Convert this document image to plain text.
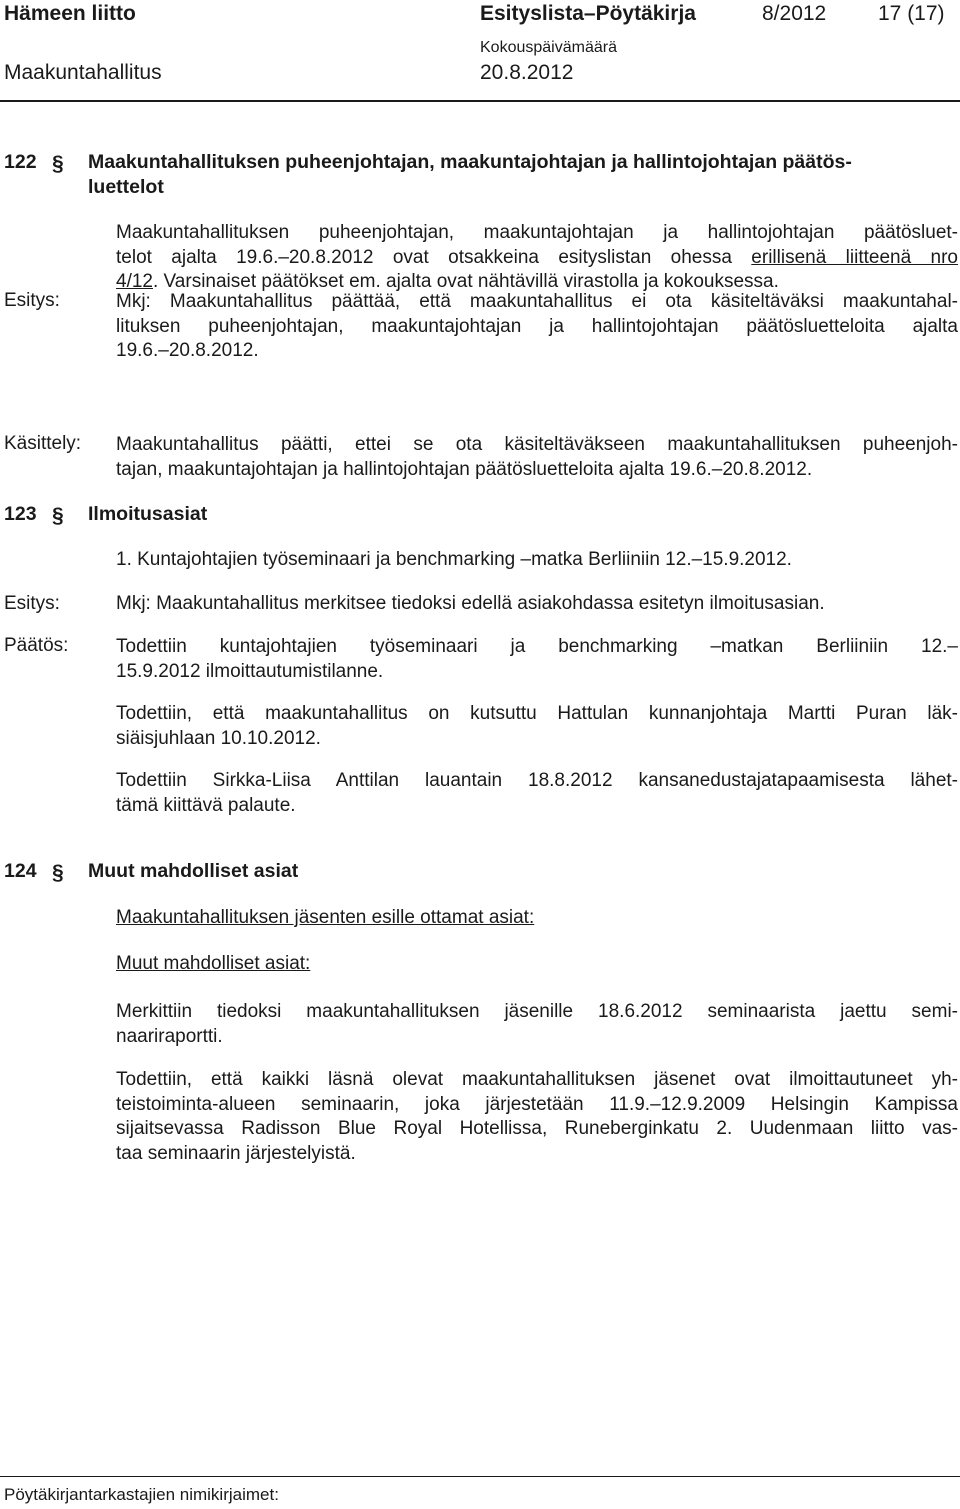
Hämeen liitto	Esityslista–Pöytäkirja	8/2012 17 (17)
Kokouspäivämäärä
Maakuntahallitus	20.8.2012
122 § Maakuntahallituksen puheenjohtajan, maakuntajohtajan ja hallintojohtajan päätös-
luettelot
Maakuntahallituksen puheenjohtajan, maakuntajohtajan ja hallintojohtajan päätösluet-
telot ajalta 19.6.–20.8.2012 ovat otsakkeina esityslistan ohessa erillisenä liitteenä nro
4/12. Varsinaiset päätökset em. ajalta ovat nähtävillä virastolla ja kokouksessa.
Esitys:	Mkj: Maakuntahallitus päättää, että maakuntahallitus ei ota käsiteltäväksi maakuntahal-
lituksen puheenjohtajan, maakuntajohtajan ja hallintojohtajan päätösluetteloita ajalta
19.6.–20.8.2012.
Käsittely: Maakuntahallitus päätti, ettei se ota käsiteltäväkseen maakuntahallituksen puheenjoh-
tajan, maakuntajohtajan ja hallintojohtajan päätösluetteloita ajalta 19.6.–20.8.2012.
123 § Ilmoitusasiat
1. Kuntajohtajien työseminaari ja benchmarking –matka Berliiniin 12.–15.9.2012.
Esitys:	Mkj: Maakuntahallitus merkitsee tiedoksi edellä asiakohdassa esitetyn ilmoitusasian.
Päätös:	Todettiin kuntajohtajien työseminaari ja benchmarking –matkan Berliiniin 12.–
15.9.2012 ilmoittautumistilanne.
Todettiin, että maakuntahallitus on kutsuttu Hattulan kunnanjohtaja Martti Puran läk-
siäisjuhlaan 10.10.2012.
Todettiin Sirkka-Liisa Anttilan lauantain 18.8.2012 kansanedustajatapaamisesta lähet-
tämä kiittävä palaute.
124 § Muut mahdolliset asiat
Maakuntahallituksen jäsenten esille ottamat asiat:
Muut mahdolliset asiat:
Merkittiin tiedoksi maakuntahallituksen jäsenille 18.6.2012 seminaarista jaettu semi-
naariraportti.
Todettiin, että kaikki läsnä olevat maakuntahallituksen jäsenet ovat ilmoittautuneet yh-
teistoiminta-alueen seminaarin, joka järjestetään 11.9.–12.9.2009 Helsingin Kampissa
sijaitsevassa Radisson Blue Royal Hotellissa, Runeberginkatu 2. Uudenmaan liitto vas-
taa seminaarin järjestelyistä.
Pöytäkirjantarkastajien nimikirjaimet:
